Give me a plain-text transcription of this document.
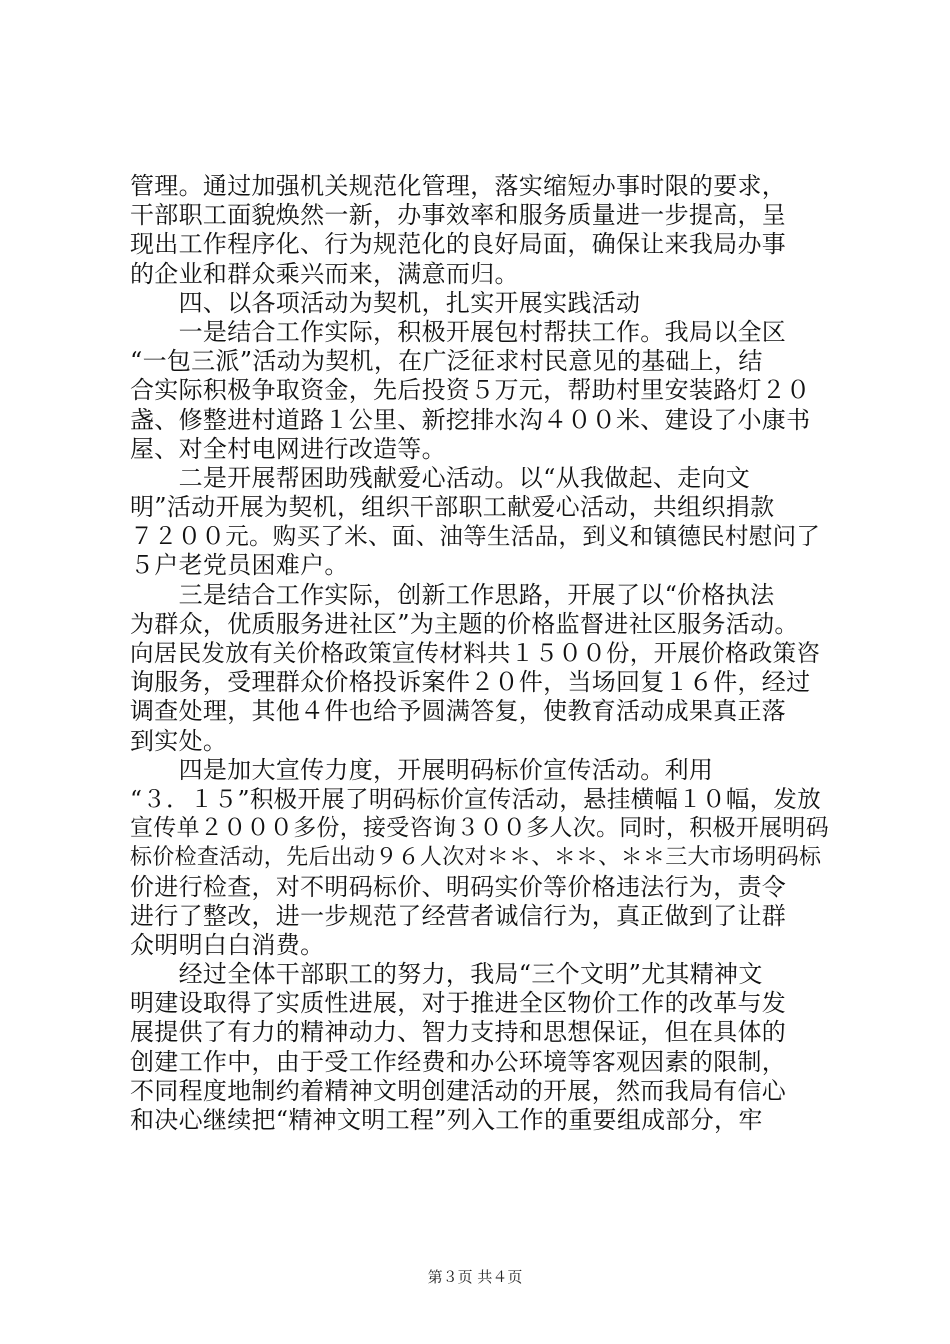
管理。通过加强机关规范化管理，落实缩短办事时限的要求，
干部职工面貌焕然一新，办事效率和服务质量进一步提高，呈
现出工作程序化、行为规范化的良好局面，确保让来我局办事
的企业和群众乘兴而来，满意而归。
　　四、以各项活动为契机，扎实开展实践活动
　　一是结合工作实际，积极开展包村帮扶工作。我局以全区
“一包三派”活动为契机，在广泛征求村民意见的基础上，结
合实际积极争取资金，先后投资５万元，帮助村里安装路灯２０
盏、修整进村道路１公里、新挖排水沟４００米、建设了小康书
屋、对全村电网进行改造等。
　　二是开展帮困助残献爱心活动。以“从我做起、走向文
明”活动开展为契机，组织干部职工献爱心活动，共组织捐款
７２００元。购买了米、面、油等生活品，到义和镇德民村慰问了
５户老党员困难户。
　　三是结合工作实际，创新工作思路，开展了以“价格执法
为群众，优质服务进社区”为主题的价格监督进社区服务活动。
向居民发放有关价格政策宣传材料共１５００份，开展价格政策咨
询服务，受理群众价格投诉案件２０件，当场回复１６件，经过
调查处理，其他４件也给予圆满答复，使教育活动成果真正落
到实处。
　　四是加大宣传力度，开展明码标价宣传活动。利用
“３．１５”积极开展了明码标价宣传活动，悬挂横幅１０幅，发放
宣传单２０００多份，接受咨询３００多人次。同时，积极开展明码
标价检查活动，先后出动９６人次对＊＊、＊＊、＊＊三大市场明码标
价进行检查，对不明码标价、明码实价等价格违法行为，责令
进行了整改，进一步规范了经营者诚信行为，真正做到了让群
众明明白白消费。
　　经过全体干部职工的努力，我局“三个文明”尤其精神文
明建设取得了实质性进展，对于推进全区物价工作的改革与发
展提供了有力的精神动力、智力支持和思想保证，但在具体的
创建工作中，由于受工作经费和办公环境等客观因素的限制，
不同程度地制约着精神文明创建活动的开展，然而我局有信心
和决心继续把“精神文明工程”列入工作的重要组成部分，牢
第３页 共４页
